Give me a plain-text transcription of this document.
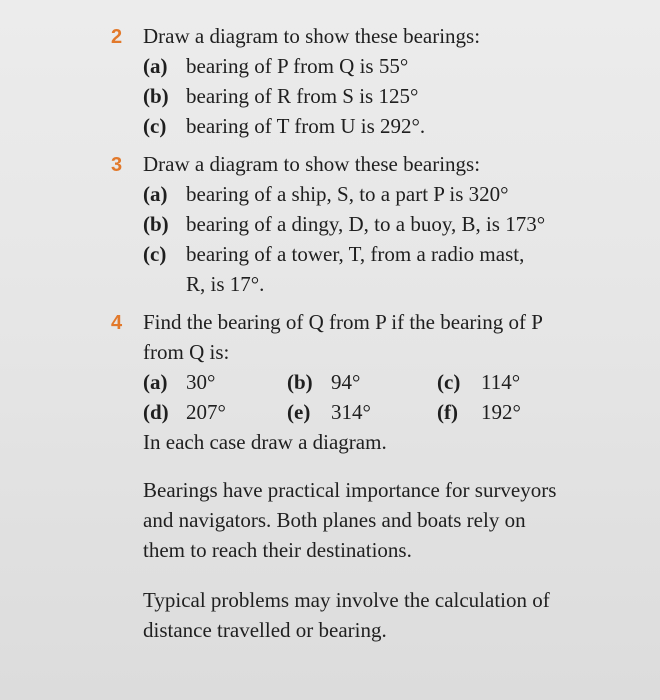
2 Draw a diagram to show these bearings:
(a) bearing of P from Q is 55°
(b) bearing of R from S is 125°
(c) bearing of T from U is 292°.
3 Draw a diagram to show these bearings:
(a) bearing of a ship, S, to a part P is 320°
(b) bearing of a dingy, D, to a buoy, B, is 173°
(c) bearing of a tower, T, from a radio mast,
R, is 17°.
4 Find the bearing of Q from P if the bearing of P
from Q is:
(a) 30°	(b) 94°	(c) 114°
(d) 207°	(e) 314°	(f) 192°
In each case draw a diagram.
Bearings have practical importance for surveyors
and navigators. Both planes and boats rely on
them to reach their destinations.
Typical problems may involve the calculation of
distance travelled or bearing.
